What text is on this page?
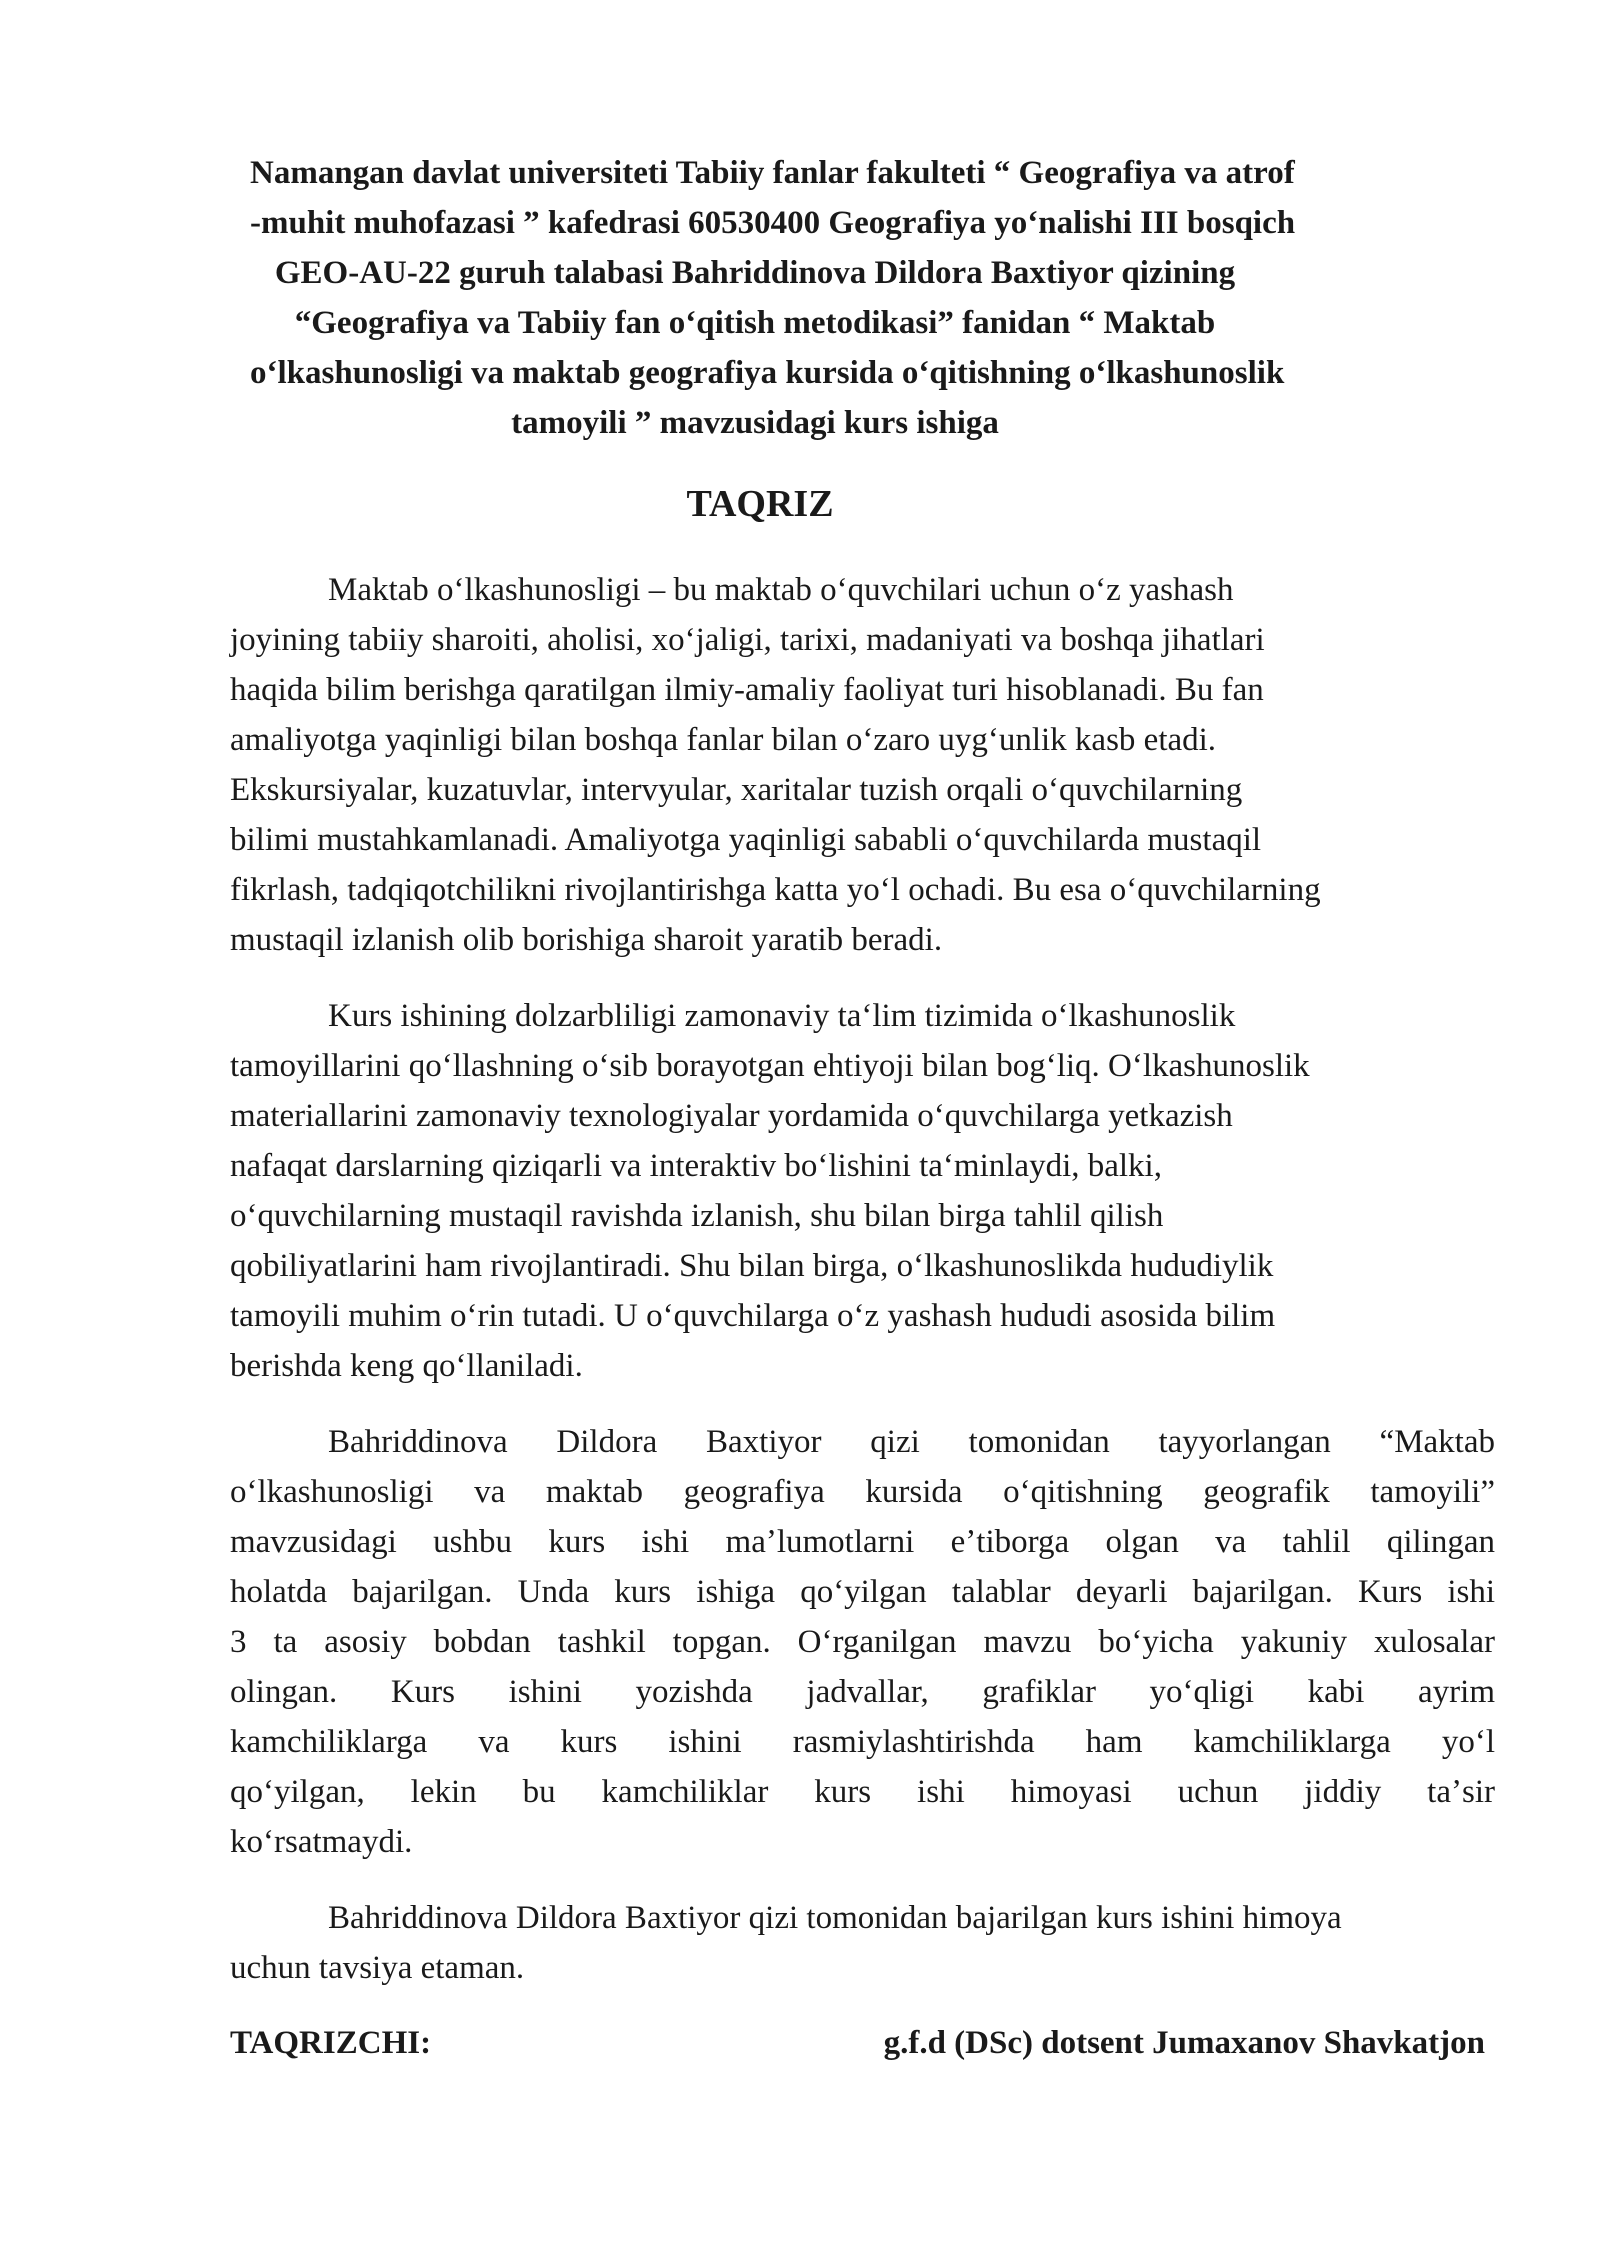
Namangan davlat universiteti Tabiiy fanlar fakulteti “ Geografiya va atrof
-muhit muhofazasi ” kafedrasi 60530400 Geografiya yoʻnalishi III bosqich
GEO-AU-22 guruh talabasi Bahriddinova Dildora Baxtiyor qizining
“Geografiya va Tabiiy fan oʻqitish metodikasi” fanidan “ Maktab
oʻlkashunosligi va maktab geografiya kursida oʻqitishning oʻlkashunoslik
tamoyili ” mavzusidagi kurs ishiga
TAQRIZ
Maktab oʻlkashunosligi – bu maktab oʻquvchilari uchun oʻz yashash
joyining tabiiy sharoiti, aholisi, xoʻjaligi, tarixi, madaniyati va boshqa jihatlari
haqida bilim berishga qaratilgan ilmiy-amaliy faoliyat turi hisoblanadi. Bu fan
amaliyotga yaqinligi bilan boshqa fanlar bilan oʻzaro uygʻunlik kasb etadi.
Ekskursiyalar, kuzatuvlar, intervyular, xaritalar tuzish orqali oʻquvchilarning
bilimi mustahkamlanadi. Amaliyotga yaqinligi sababli oʻquvchilarda mustaqil
fikrlash, tadqiqotchilikni rivojlantirishga katta yoʻl ochadi. Bu esa oʻquvchilarning
mustaqil izlanish olib borishiga sharoit yaratib beradi.
Kurs ishining dolzarbliligi zamonaviy taʻlim tizimida oʻlkashunoslik
tamoyillarini qoʻllashning oʻsib borayotgan ehtiyoji bilan bogʻliq. Oʻlkashunoslik
materiallarini zamonaviy texnologiyalar yordamida oʻquvchilarga yetkazish
nafaqat darslarning qiziqarli va interaktiv boʻlishini taʻminlaydi, balki,
oʻquvchilarning mustaqil ravishda izlanish, shu bilan birga tahlil qilish
qobiliyatlarini ham rivojlantiradi. Shu bilan birga, oʻlkashunoslikda hududiylik
tamoyili muhim oʻrin tutadi. U oʻquvchilarga oʻz yashash hududi asosida bilim
berishda keng qoʻllaniladi.
Bahriddinova Dildora Baxtiyor qizi tomonidan tayyorlangan “Maktab
oʻlkashunosligi va maktab geografiya kursida oʻqitishning geografik tamoyili”
mavzusidagi ushbu kurs ishi maʼlumotlarni eʼtiborga olgan va tahlil qilingan
holatda bajarilgan. Unda kurs ishiga qoʻyilgan talablar deyarli bajarilgan. Kurs ishi
3 ta asosiy bobdan tashkil topgan. Oʻrganilgan mavzu boʻyicha yakuniy xulosalar
olingan. Kurs ishini yozishda jadvallar, grafiklar yoʻqligi kabi ayrim
kamchiliklarga va kurs ishini rasmiylashtirishda ham kamchiliklarga yoʻl
qoʻyilgan, lekin bu kamchiliklar kurs ishi himoyasi uchun jiddiy taʼsir
koʻrsatmaydi.
Bahriddinova Dildora Baxtiyor qizi tomonidan bajarilgan kurs ishini himoya
uchun tavsiya etaman.
TAQRIZCHI:	g.f.d (DSc) dotsent Jumaxanov Shavkatjon
